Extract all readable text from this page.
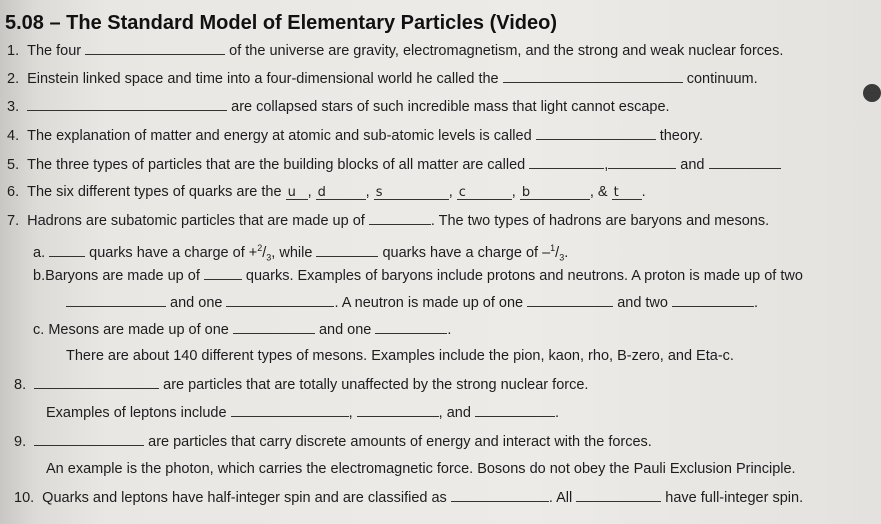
5.08 – The Standard Model of Elementary Particles (Video)
1. The four	of the universe are gravity, electromagnetism, and the strong and weak nuclear forces.
2. Einstein linked space and time into a four-dimensional world he called the	continuum.
3.	are collapsed stars of such incredible mass that light cannot escape.
4. The explanation of matter and energy at atomic and sub-atomic levels is called	theory.
5. The three types of particles that are the building blocks of all matter are called	,	and
6. The six different types of quarks are the u , d	, s	, c	, b	, & t .
7. Hadrons are subatomic particles that are made up of	. The two types of hadrons are baryons and mesons.
a.	quarks have a charge of $+^2/_3$, while	quarks have a charge of $-^1/_3$.
b.Baryons are made up of	quarks. Examples of baryons include protons and neutrons. A proton is made up of two
and one	. A neutron is made up of one	and two	.
c. Mesons are made up of one	and one	.
There are about 140 different types of mesons. Examples include the pion, kaon, rho, B-zero, and Eta-c.
8.	are particles that are totally unaffected by the strong nuclear force.
Examples of leptons include	,	, and	.
9.	are particles that carry discrete amounts of energy and interact with the forces.
An example is the photon, which carries the electromagnetic force. Bosons do not obey the Pauli Exclusion Principle.
10. Quarks and leptons have half-integer spin and are classified as	. All	have full-integer spin.
